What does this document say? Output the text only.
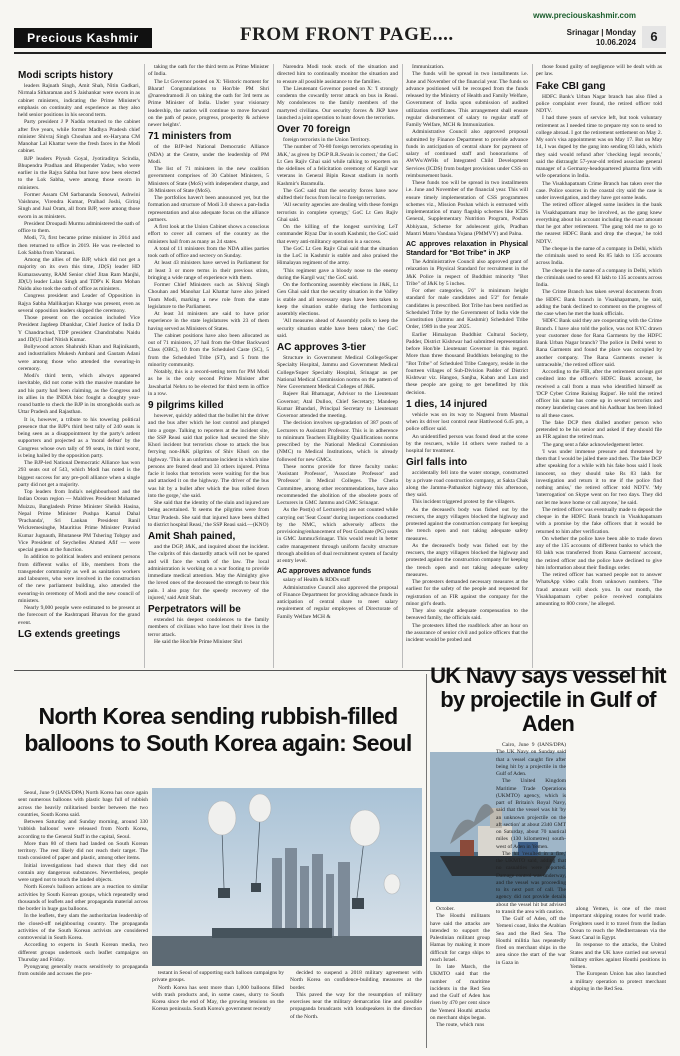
Precious Kashmir	FROM FRONT PAGE....
www.preciouskashmir.com
Srinagar | Monday
10.06.2024	6
Modi scripts history

leaders Rajnath Singh, Amit Shah, Nitin Gadkari, Nirmala Sitharaman and S Jaishankar were sworn in as cabinet ministers, indicating the Prime Minister's emphasis on continuity and experience as they also held senior positions in his second term.

Party president J P Nadda returned to the cabinet after five years, while former Madhya Pradesh chief minister Shivraj Singh Chouhan and ex-Haryana CM Manohar Lal Khattar were the fresh faces in the Modi cabinet.

BJP leaders Piyush Goyal, Jyotiraditya Scindia, Bhupendra Pradhan and Bhupender Yadav, who were earlier in the Rajya Sabha but have now been elected to the Lok Sabha, were among those sworn in ministers.

Former Assam CM Sarbananda Sonowal, Ashwini Vaishnaw, Virendra Kumar, Pralhad Joshi, Giriraj Singh and Jual Oram, all from BJP, were among those sworn in as ministers.

President Droupadi Murmu administered the oath of office to them.

Modi, 73, first became prime minister in 2014 and then returned to office in 2019. He was re-elected to Lok Sabha from Varanasi.

Among the allies of the BJP, which did not get a majority on its own this time, JD(S) leader HD Kumaraswamy, RAM Senior chief Jitan Ram Manjhi, JD(U) leader Lalan Singh and TDP's K Ram Mohan Naidu also took the oath of office as ministers.

Congress president and Leader of Opposition in Rajya Sabha Mallikarjun Kharge was present, even as several opposition leaders skipped the ceremony.

Those present on the occasion included Vice President Jagdeep Dhankhar, Chief Justice of India D Y Chandrachud, TDP president Chandrababu Naidu and JD(U) chief Nitish Kumar.

Bollywood actors Shahrukh Khan and Rajinikanth, and industrialists Mukesh Ambani and Gautam Adani were among those who attended the swearing-in ceremony.

Modi's third term, which always appeared inevitable, did not come with the massive mandate he and his party had been claiming, as the Congress and its allies in the INDIA bloc fought a doughty year-round battle to check the BJP in its strongholds such as Uttar Pradesh and Rajasthan.

It is, however, a tribute to his towering political presence that the BJP's third best tally of 240 seats is being seen as a disappointment by the party's ardent supporters and projected as a 'moral defeat' by the Congress whose own tally of 99 seats, its third worst, is being hailed by the opposition party.

The BJP-led National Democratic Alliance has won 293 seats out of 543, which Modi has noted is the biggest success for any pre-poll alliance when a single party did not get a majority.

Top leaders from India's neighbourhood and the Indian Ocean region — Maldives President Mohamed Muizzu, Bangladesh Prime Minister Sheikh Hasina, Nepal Prime Minister Pushpa Kamal Dahal 'Prachanda', Sri Lankan President Ranil Wickremesinghe, Mauritius Prime Minister Pravind Kumar Jugnauth, Bhutanese PM Tshering Tobgay and Vice President of Seychelles Ahmed Afif — were special guests at the function.

In addition to political leaders and eminent persons from different walks of life, members from the transgender community as well as sanitation workers and labourers, who were involved in the construction of the new parliament building, also attended the swearing-in ceremony of Modi and the new council of ministers.

Nearly 9,000 people were estimated to be present at the forecourt of the Rashtrapati Bhavan for the grand event.

LG extends greetings

taking the oath for the third term as Prime Minister of India.

The Lt Governor posted on X: 'Historic moment for Bharat! Congratulations to Hon'ble PM Shri @narendramodi Ji on taking the oath for 3rd term as Prime Minister of India. Under your visionary leadership, the nation will continue to move forward on the path of peace, progress, prosperity & achieve newer heights'.

71 ministers from

of the BJP-led National Democratic Alliance (NDA) at the Centre, under the leadership of PM Modi.

The list of 71 ministers in the new coalition government comprises of 30 Cabinet Ministers, 5 Ministers of State (MoS) with independent charge, and 36 Ministers of State (MoS).

The portfolios haven't been announced yet, but the formation and structure of Modi 3.0 shows a pan-India representation and also adequate focus on the alliance partners.

A first look at the Union Cabinet shows a conscious effort to cover all corners of the country as the ministers hail from as many as 24 states.

A total of 11 ministers from the NDA allies parties took oath of office and secrecy on Sunday.

At least 43 ministers have served in Parliament for at least 3 or more terms in their previous stints, bringing a wide range of experience with them.

Former Chief Ministers such as Shivraj Singh Chouhan and Manohar Lal Khattar have also joined Team Modi, marking a new role from the state legislature to the Parliament.

At least 34 ministers are said to have prior experience in the state legislatures with 23 of them having served as Ministers of States.

The cabinet positions have also been allocated as out of 71 ministers, 27 hail from the Other Backward Class (OBC), 10 from the Scheduled Caste (SC), 5 from the Scheduled Tribe (ST), and 5 from the minority community.

Notably, this is a record-setting term for PM Modi as he is the only second Prime Minister after Jawaharlal Nehru to be elected for third term in office in a row.

9 pilgrims killed

however, quickly added that the bullet hit the driver and the bus after which he lost control and plunged into a gorge. Talking to reporters at the incident site, the SSP Reasi said that police had secured the Shiv Khori incident but terrorists chose to attack the bus ferrying non-J&K pilgrims of Shiv Khori on the highway. 'This is an unfortunate incident in which nine persons are feared dead and 33 others injured. Prima facie it looks that terrorists were waiting for the bus and attacked it on the highway. The driver of the bus was hit by a bullet after which the bus rolled down into the gorge,' she said.

She said that the identity of the slain and injured are being ascertained. 'It seems the pilgrims were from Uttar Pradesh. She said that injured have been shifted to district hospital Reasi,' the SSP Reasi said.—(KNO)

Amit Shah pained,

and the DGP, J&K, and inquired about the incident. The culprits of this dastardly attack will not be spared and will face the wrath of the law. The local administration is working on a war footing to provide immediate medical attention. May the Almighty give the loved ones of the deceased the strength to bear this pain. I also pray for the speedy recovery of the injured,' said Amit Shah.

Perpetrators will be

extended his deepest condolences to the family members of civilians who have lost their lives in the terror attack.

He said the Hon'ble Prime Minister Shri

Narendra Modi took stock of the situation and directed him to continually monitor the situation and to ensure all possible assistance to the families.

The Lieutenant Governor posted on X: 'I strongly condemn the cowardly terror attack on bus in Reasi. My condolences to the family members of the martyred civilians. Our security forces & JKP have launched a joint operation to hunt down the terrorists.

Over 70 foreign

foreign terrorists in the Union Territory.

'The number of 70-80 foreign terrorists operating in J&K,' as given by DGP R.R.Swain is correct,' the GoC Lt Gen Rajiv Ghai said while talking to reporters on the sidelines of a felicitation ceremony of Kargil war veterans in General Bipin Rawat stadium in north Kashmir's Baramulla.

The GoC said that the security forces have now shifted their focus from local to foreign terrorists.

'All security agencies are dealing with these foreign terrorists in complete synergy,' GoC Lt Gen Rajiv Ghai said.

On the killing of the longest surviving LeT commander Riyaz Dar in south Kashmir, the GoC said that every anti-militancy operation is a success.

The GoC Lt Gen Rajiv Ghai said that the situation in the LoC in Kashmir is stable and also praised the Himalayan regiment of the army.

'This regiment gave a bloody nose to the enemy during the Kargil war,' the GoC said.

On the forthcoming assembly elections in J&K, Lt Gen Ghai said that the security situation in the Valley is stable and all necessary steps have been taken to keep the situation stable during the forthcoming assembly elections.

'All measures ahead of Assembly polls to keep the security situation stable have been taken,' the GoC said.

AC approves 3-tier

Structure in Government Medical College/Super Specialty Hospital, Jammu and Government Medical College/Super Specialty Hospital, Srinagar as per National Medical Commission norms on the pattern of New Government Medical Colleges of J&K.

Rajeev Rai Bhatnagar, Advisor to the Lieutenant Governor; Atal Dulloo, Chief Secretary; Mandeep Kumar Bhandari, Principal Secretary to Lieutenant Governor attended the meeting.

The decision involves up-gradation of 387 posts of Lecturers to Assistant Professor. This is in adherence to minimum Teachers Eligibility Qualifications norms prescribed by the National Medical Commission (NMC) to Medical Institutions, which is already followed for new GMCs.

These norms provide for three faculty ranks: 'Assistant Professor', 'Associate Professor' and 'Professor' in Medical Colleges. The Cheria Committee, among other recommendations, have also recommended the abolition of the obsolete posts of Lecturers in GMC Jammu and GMC Srinagar.

As the Post(s) of Lecturer(s) are not counted while carrying out 'Seat Count' during inspections conducted by the NMC, which adversely affects the provisioning/enhancement of Post Graduate (PG) seats in GMC Jammu/Srinagar. This would result in better cadre management through uniform faculty structure through abolition of dual recruitment system of faculty at entry level.

AC approves advance funds

salary of Health & RDDs staff

Administrative Council also approved the proposal of Finance Department for providing advance funds in anticipation of central share to meet salary requirement of regular employees of Directorate of Family Welfare MCH &

Immunization.

The funds will be spread in two installments i.e. June and November of the financial year. The funds so advance positioned will be recouped from the funds released by the Ministry of Health and Family Welfare, Government of India upon submission of audited utilization certificates. This arrangement shall ensure regular disbursement of salary to regular staff of Family Welfare, MCH & Immunization.

Administrative Council also approved proposal submitted by Finance Department to provide advance funds in anticipation of central share for payment of salary of continued staff and honorariums of AWWs/AWHs of Integrated Child Development Services (ICDS) from budget provisions under CSS on reimbursement basis.

These funds too will be spread in two installments i.e. June and November of the financial year. This will ensure timely implementation of CSS programmes schemes viz., Mission Poshan which is entrusted with implementation of many flagship schemes like ICDS General, Supplementary Nutrition Program, Poshan Abhiyaan, Scheme for adolescent girls, Pradhan Mantri Matru Vandana Yojana (PMMVY) and Palna.

AC approves relaxation in Physical Standard for "Bot Tribe" in JKP

The Administrative Council also approved grant of relaxation in Physical Standard for recruitment in the J&K Police in respect of Buddhist minority "Bot Tribe" of J&K by 5 inches.

For other categories, 5'6" is minimum height standard for male candidates and 5'2" for female candidates is prescribed. Bot Tribe has been notified as Scheduled Tribe by the Government of India vide the Constitution (Jammu and Kashmir) Scheduled Tribe Order, 1989 in the year 2025.

Earlier Himalayan Buddhist Cultural Society, Padder, District Kishtwar had submitted representation before Hon'ble Lieutenant Governor in this regard. More than three thousand Buddhists belonging to the "Bot Tribe" of Scheduled Tribe Category, reside in the fourteen villages of Sub-Division Padder of District Kishtwar viz. Hangoo, Sanjha, Kaban and Lun and these people are going to get benefitted by this decision.

1 dies, 14 injured

vehicle was on its way to Nagseni from Masmal when its driver lost control near Hattiwood 6.45 pm, a police officer said.

An unidentified person was found dead at the scene by the rescuers, while 14 others were rushed to a hospital for treatment.

Girl falls into

accidentally fell into the water storage, constructed by a private road construction company, at Sakta Chak along the Jammu-Pathankot highway this afternoon, they said.

This incident triggered protest by the villagers.

As the deceased's body was fished out by the rescuers, the angry villagers blocked the highway and protested against the construction company for keeping the trench open and not taking adequate safety measures.

As the deceased's body was fished out by the rescuers, the angry villagers blocked the highway and protested against the construction company for keeping the trench open and not taking adequate safety measures.

The protesters demanded necessary measures at the earliest for the safety of the people and requested for registration of an FIR against the company for the minor girl's death.

They also sought adequate compensation to the bereaved family, the officials said.

The protesters lifted the roadblock after an hour on the assurance of senior civil and police officers that the incident would be probed and

those found guilty of negligence will be dealt with as per law.

Fake CBI gang

HDFC Bank's Urban Nagar branch has also filed a police complaint ever found, the retired officer told NDTV.

I had three years of service left, but took voluntary retirement as I needed time to prepare my son to send to college abroad. I got the retirement settlement on May 2. My son's visa appointment was on May 17. But on May 14, I was duped by the gang into sending 83 lakh, which they said would refund after 'checking legal records,' said the distraught 57-year-old retired associate general manager of a Germany-headquartered pharma firm with wife operations in India.

The Visakhapatnam Crime Branch has taken over the case. Police sources in the coastal city said the case is under investigation, and they have got some leads.

The retired officer alleged some insiders in the bank in Visakhapatnam may be involved, as the gang knew everything about his account including the exact amount that he got after retirement. 'The gang told me to go to the nearest HDFC Bank and drop the cheque,' he told NDTV.

The cheque in the name of a company in Delhi, which the criminals used to send Rs 85 lakh to 135 accounts across India.

The cheque in the name of a company in Delhi, which the criminals used to send 83 lakh to 135 accounts across India.

The Crime Branch has taken several documents from the HDFC Bank branch in Visakhapatnam, he said, adding the bank declined to comment on the progress of the case when he met the bank officials.

'HDFC Bank said they are cooperating with the Crime Branch. I have also told the police, was not KYC drawn your customer done for Rana Garments by the HDFC Bank Urban Nagar branch? The police in Delhi went to Rana Garments and found the place was occupied by another company. The Rana Garments owner is untraceable,' the retired officer said.

According to the FIR, after the retirement savings got credited into the officer's HDFC Bank account, he received a call from a man who identified himself as 'DCP Cyber Crime Raising Rajput'. He told the retired officer his name has come up in several terrorists and money laundering cases and his Aadhaar has been linked to all these cases.

The fake DCP then dialled another person who pretended to be his senior and asked if they should file an FIR against the retired man.

'The gang sent a fake acknowledgement letter.

'I was under immense pressure and threatened by them that I would be jailed there and then. The fake DCP after speaking for a while with his fake boss said I look innocent, so they should take Rs 83 lakh for investigation and return it to me if the police find nothing amiss,' the retired officer told NDTV. 'My 'interrogation' on Skype went on for two days. They did not let me leave home or call anyone,' he said.

The retired officer was eventually made to deposit the cheque in the HDFC Bank branch in Visakhapatnam with a promise by the fake officers that it would be returned to him after verification.

On whether the police have been able to trade down any of the 135 accounts of different banks to which the 83 lakh was transferred from Rana Garments' account, the retired officer and the police have declined to give him information about their findings order.

The retired officer has warned people not to answer WhatsApp video calls from unknown numbers. 'The fraud amount will shock you. In our month, the Visakhapatnam cyber police received complaints amounting to 800 crore,' he alleged.

North Korea sending rubbish-filled balloons to South Korea again: Seoul

Seoul, June 9 (IANS/DPA) North Korea has once again sent numerous balloons with plastic bags full of rubbish across the heavily militarised border between the two countries, South Korea said.

Between Saturday and Sunday morning, around 330 'rubbish balloons' were released from North Korea, according to the General Staff in the capital, Seoul.

More than 80 of them had landed on South Korean territory. The rest likely did not reach their target. The trash consisted of paper and plastic, among other items.

Initial investigations had shown that they did not contain any dangerous substances. Nevertheless, people were urged not to touch the landed objects.

North Korea's balloon actions are a reaction to similar activities by South Korean groups, which repeatedly send thousands of leaflets and other propaganda material across the border in huge gas balloons.

In the leaflets, they slam the authoritarian leadership of the closed-off neighbouring country. The propaganda activities of the South Korean activists are considered controversial in South Korea.

According to experts in South Korean media, two different groups undertook such leaflet campaigns on Thursday and Friday.

Pyongyang generally reacts sensitively to propaganda from outside and accuses the pro-	testant in Seoul of supporting such balloon campaigns by private groups.

North Korea has sent more than 1,000 balloons filled with trash products and, in some cases, slurry to South Korea since the end of May, the growing tensions on the Korean peninsula. South Korea's government recently

decided to suspend a 2018 military agreement with North Korea on confidence-building measures at the border.

This paved the way for the resumption of military exercises near the military demarcation line and possible propaganda broadcasts with loudspeakers in the direction of the North.

UK Navy says vessel hit by projectile in Gulf of Aden

Cairo, June 9 (IANS/DPA) The UK Navy on Sunday said that a vessel caught fire after being hit by a projectile in the Gulf of Aden.

The United Kingdom Maritime Trade Operations (UKMTO) agency, which is part of Britain's Royal Navy, said that the vessel was hit 'by an unknown projectile on the aft section' at about 2340 GMT on Saturday, about 70 nautical miles (130 kilometres) south-west of Aden in Yemen.

The hit 'resulted in a fire,' the UKMTO said, adding that no casualties were reported. Damage control was underway, and the vessel was proceeding to its next port of call. The agency did not provide details about the vessel hit but advised to transit the area with caution.

The Gulf of Aden, off the Yemeni coast, links the Arabian Sea and the Red Sea. The Houthi militia has repeatedly fired on merchant ships in the area since the start of the war in Gaza in

October.

The Houthi militants have said the attacks are intended to support the Palestinian militant group Hamas by making it more difficult for cargo ships to reach Israel.

In late March, the UKMTO said that the number of maritime incidents in the Red Sea and the Gulf of Aden has risen by 470 per cent since the Yemeni Houthi attacks on merchant ships began.

The route, which runs

along Yemen, is one of the most important shipping routes for world trade. Freighters used it to travel from the Indian Ocean to reach the Mediterranean via the Suez Canal in Egypt.

In response to the attacks, the United States and the UK have carried out several military strikes against Houthi positions in Yemen.

The European Union has also launched a military operation to protect merchant shipping in the Red Sea.
